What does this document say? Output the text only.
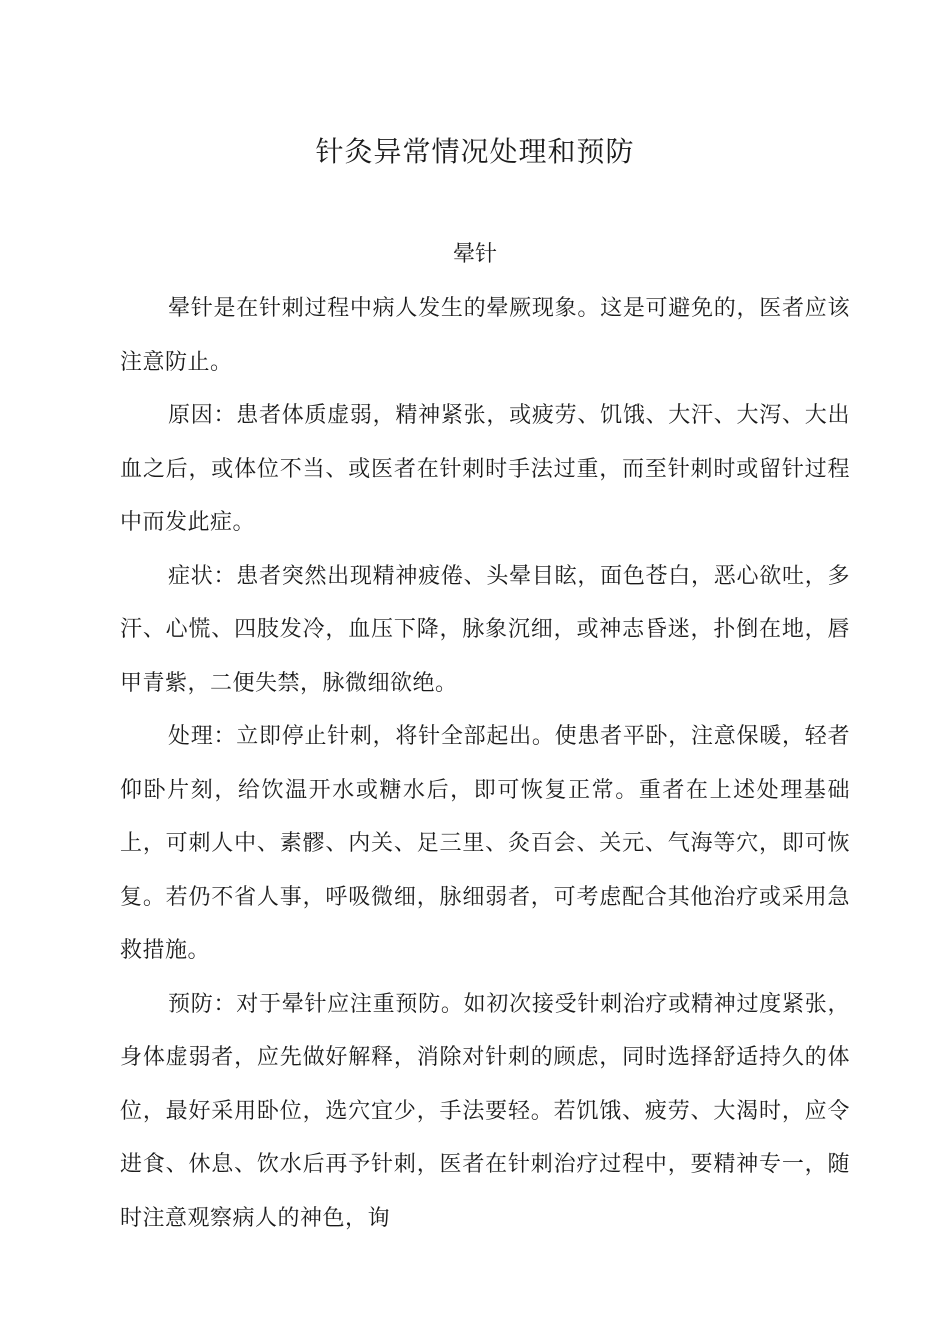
针灸异常情况处理和预防
晕针

晕针是在针刺过程中病人发生的晕厥现象。这是可避免的，医者应该注意防止。

原因：患者体质虚弱，精神紧张，或疲劳、饥饿、大汗、大泻、大出血之后，或体位不当、或医者在针刺时手法过重，而至针刺时或留针过程中而发此症。

症状：患者突然出现精神疲倦、头晕目眩，面色苍白，恶心欲吐，多汗、心慌、四肢发冷，血压下降，脉象沉细，或神志昏迷，扑倒在地，唇甲青紫，二便失禁，脉微细欲绝。

处理：立即停止针刺，将针全部起出。使患者平卧，注意保暖，轻者仰卧片刻，给饮温开水或糖水后，即可恢复正常。重者在上述处理基础上，可刺人中、素髎、内关、足三里、灸百会、关元、气海等穴，即可恢复。若仍不省人事，呼吸微细，脉细弱者，可考虑配合其他治疗或采用急救措施。

预防：对于晕针应注重预防。如初次接受针刺治疗或精神过度紧张，身体虚弱者，应先做好解释，消除对针刺的顾虑，同时选择舒适持久的体位，最好采用卧位，选穴宜少，手法要轻。若饥饿、疲劳、大渴时，应令进食、休息、饮水后再予针刺，医者在针刺治疗过程中，要精神专一，随时注意观察病人的神色，询
